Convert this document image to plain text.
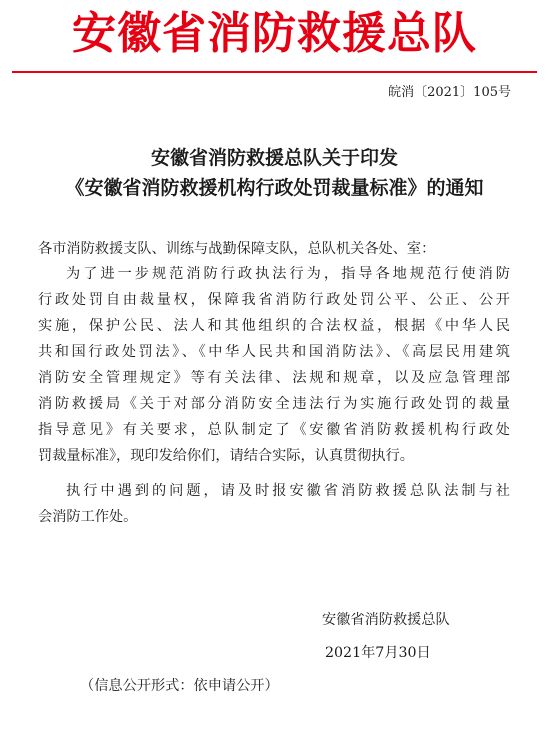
安徽省消防救援总队
皖消〔2021〕105号
安徽省消防救援总队关于印发
《安徽省消防救援机构行政处罚裁量标准》的通知
各市消防救援支队、训练与战勤保障支队，总队机关各处、室：
为了进一步规范消防行政执法行为，指导各地规范行使消防
行政处罚自由裁量权，保障我省消防行政处罚公平、公正、公开
实施，保护公民、法人和其他组织的合法权益，根据《中华人民
共和国行政处罚法》、《中华人民共和国消防法》、《高层民用建筑
消防安全管理规定》等有关法律、法规和规章，以及应急管理部
消防救援局《关于对部分消防安全违法行为实施行政处罚的裁量
指导意见》有关要求，总队制定了《安徽省消防救援机构行政处
罚裁量标准》，现印发给你们，请结合实际，认真贯彻执行。
执行中遇到的问题，请及时报安徽省消防救援总队法制与社
会消防工作处。
安徽省消防救援总队
2021年7月30日
（信息公开形式：依申请公开）
